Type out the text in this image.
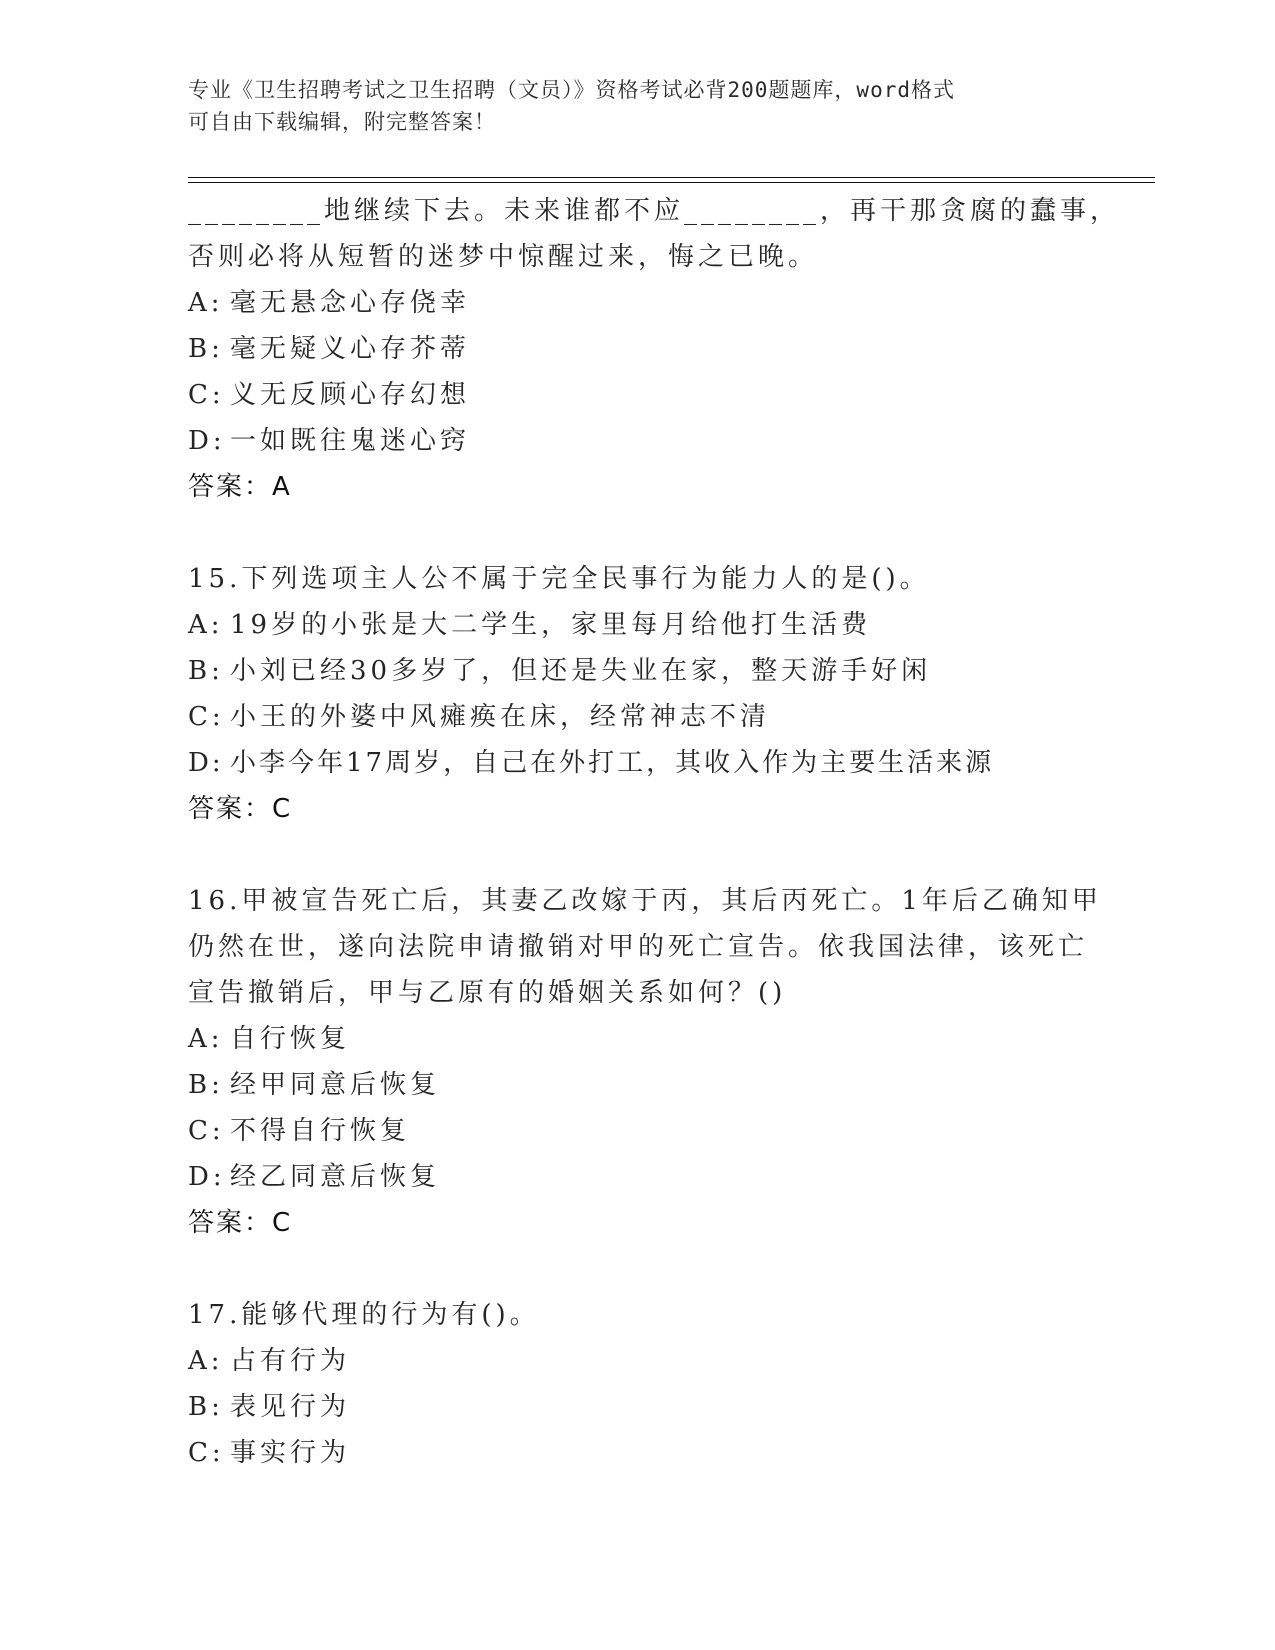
专业《卫生招聘考试之卫生招聘（文员）》资格考试必背200题题库，word格式
可自由下载编辑，附完整答案！
________地继续下去。未来谁都不应________，再干那贪腐的蠢事，
否则必将从短暂的迷梦中惊醒过来，悔之已晚。
A: 毫无悬念心存侥幸
B: 毫无疑义心存芥蒂
C: 义无反顾心存幻想
D: 一如既往鬼迷心窍
答案：A
15.下列选项主人公不属于完全民事行为能力人的是()。
A: 19岁的小张是大二学生，家里每月给他打生活费
B: 小刘已经30多岁了，但还是失业在家，整天游手好闲
C: 小王的外婆中风瘫痪在床，经常神志不清
D: 小李今年17周岁，自己在外打工，其收入作为主要生活来源
答案：C
16.甲被宣告死亡后，其妻乙改嫁于丙，其后丙死亡。1年后乙确知甲
仍然在世，遂向法院申请撤销对甲的死亡宣告。依我国法律，该死亡
宣告撤销后，甲与乙原有的婚姻关系如何？()
A: 自行恢复
B: 经甲同意后恢复
C: 不得自行恢复
D: 经乙同意后恢复
答案：C
17.能够代理的行为有()。
A: 占有行为
B: 表见行为
C: 事实行为
